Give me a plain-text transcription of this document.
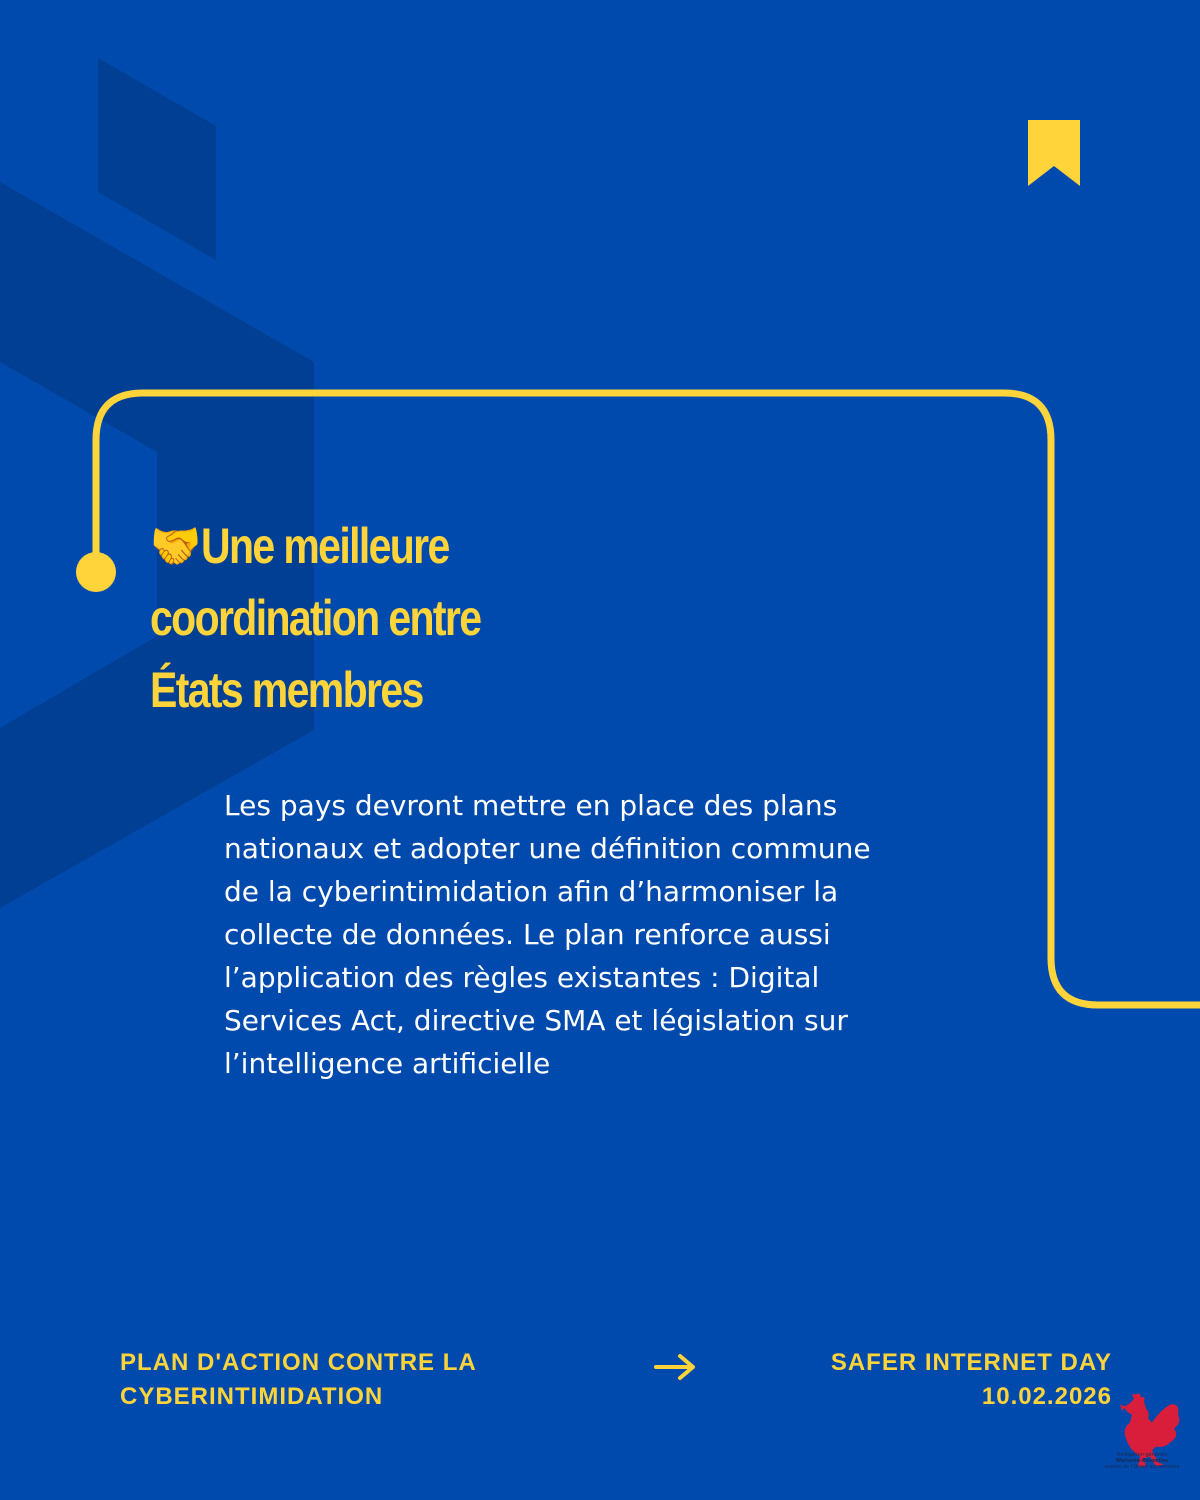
🤝Une meilleure
coordination entre
États membres
Les pays devront mettre en place des plans
nationaux et adopter une définition commune
de la cyberintimidation afin d’harmoniser la
collecte de données. Le plan renforce aussi
l’application des règles existantes : Digital
Services Act, directive SMA et législation sur
l’intelligence artificielle
PLAN D'ACTION CONTRE LA
CYBERINTIMIDATION
SAFER INTERNET DAY
10.02.2026
Délégation générale
Wallonie-Bruxelles
auprès de l'Union européenne
